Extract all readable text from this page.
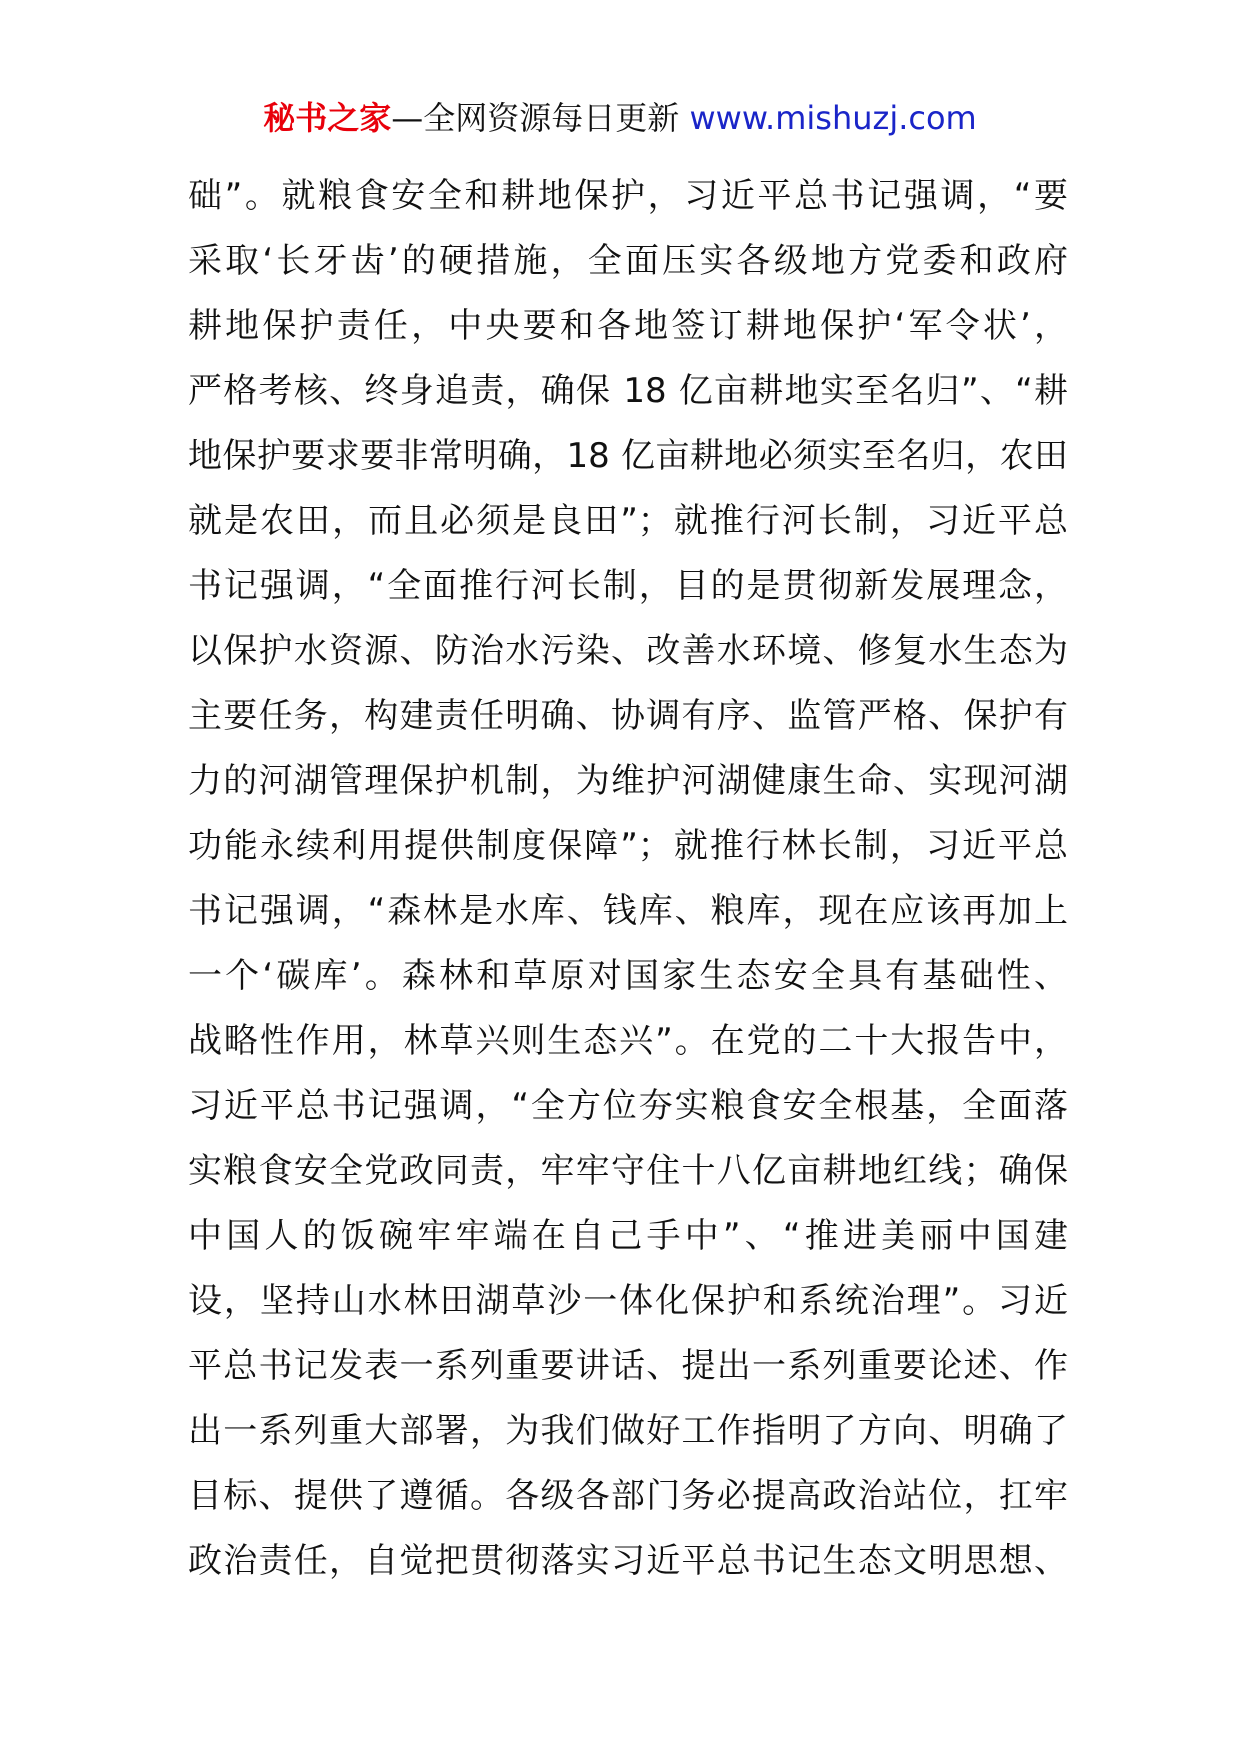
秘书之家—全网资源每日更新 www.mishuzj.com
础”。就粮食安全和耕地保护，习近平总书记强调，“要
采取‘长牙齿’的硬措施，全面压实各级地方党委和政府
耕地保护责任，中央要和各地签订耕地保护‘军令状’，
严格考核、终身追责，确保 18 亿亩耕地实至名归”、“耕
地保护要求要非常明确，18 亿亩耕地必须实至名归，农田
就是农田，而且必须是良田”；就推行河长制，习近平总
书记强调，“全面推行河长制，目的是贯彻新发展理念，
以保护水资源、防治水污染、改善水环境、修复水生态为
主要任务，构建责任明确、协调有序、监管严格、保护有
力的河湖管理保护机制，为维护河湖健康生命、实现河湖
功能永续利用提供制度保障”；就推行林长制，习近平总
书记强调，“森林是水库、钱库、粮库，现在应该再加上
一个‘碳库’。森林和草原对国家生态安全具有基础性、
战略性作用，林草兴则生态兴”。在党的二十大报告中，
习近平总书记强调，“全方位夯实粮食安全根基，全面落
实粮食安全党政同责，牢牢守住十八亿亩耕地红线；确保
中国人的饭碗牢牢端在自己手中”、“推进美丽中国建
设，坚持山水林田湖草沙一体化保护和系统治理”。习近
平总书记发表一系列重要讲话、提出一系列重要论述、作
出一系列重大部署，为我们做好工作指明了方向、明确了
目标、提供了遵循。各级各部门务必提高政治站位，扛牢
政治责任，自觉把贯彻落实习近平总书记生态文明思想、
